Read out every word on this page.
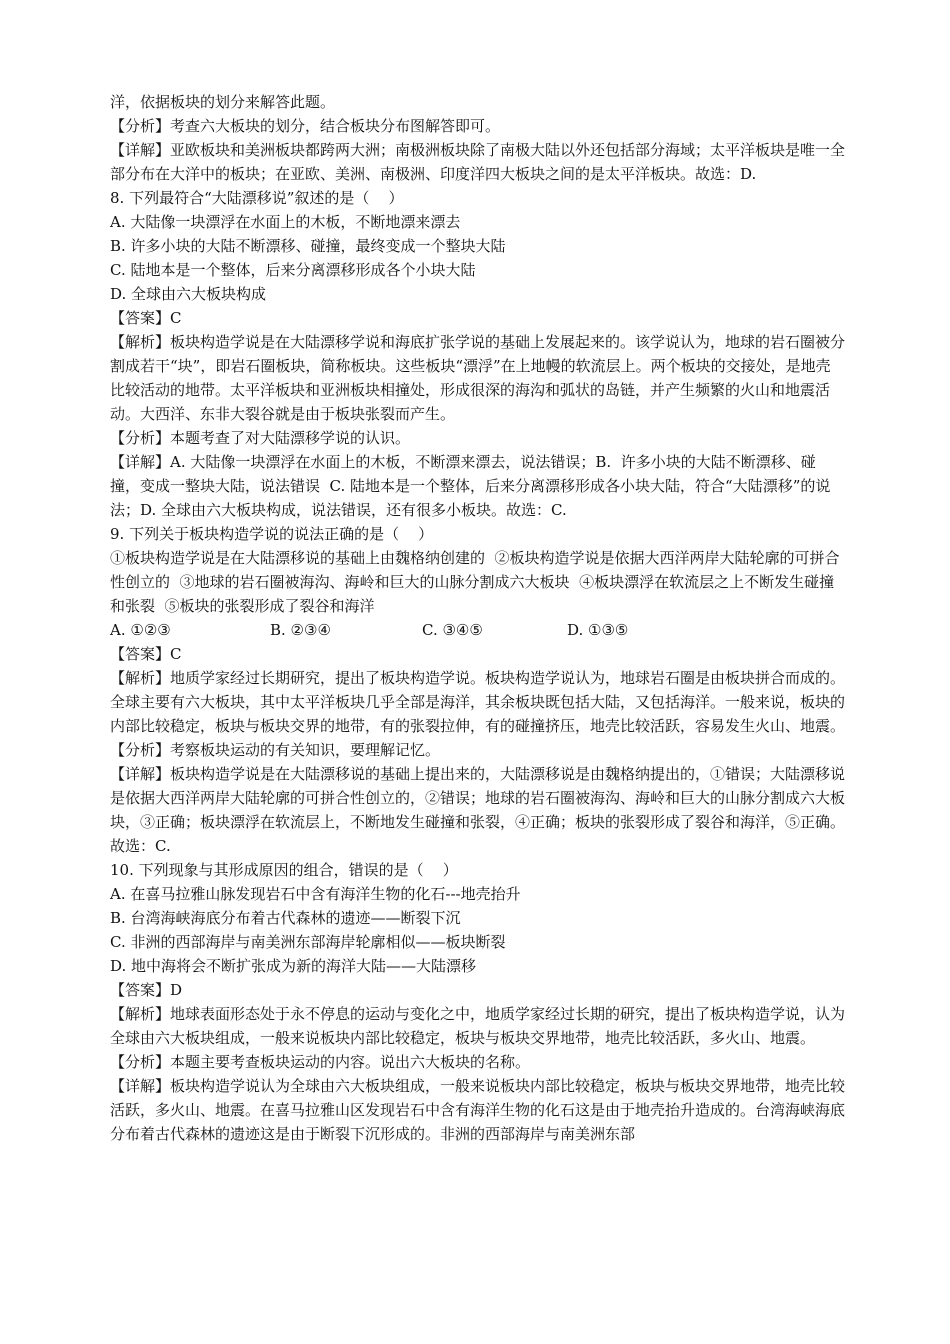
洋，依据板块的划分来解答此题。

【分析】考查六大板块的划分，结合板块分布图解答即可。

【详解】亚欧板块和美洲板块都跨两大洲；南极洲板块除了南极大陆以外还包括部分海域；太平洋板块是唯一全部分布在大洋中的板块；在亚欧、美洲、南极洲、印度洋四大板块之间的是太平洋板块。故选：D.

8. 下列最符合“大陆漂移说”叙述的是（    ）

A. 大陆像一块漂浮在水面上的木板，不断地漂来漂去

B. 许多小块的大陆不断漂移、碰撞，最终变成一个整块大陆

C. 陆地本是一个整体，后来分离漂移形成各个小块大陆

D. 全球由六大板块构成

【答案】C

【解析】板块构造学说是在大陆漂移学说和海底扩张学说的基础上发展起来的。该学说认为，地球的岩石圈被分割成若干“块”，即岩石圈板块，简称板块。这些板块“漂浮”在上地幔的软流层上。两个板块的交接处，是地壳比较活动的地带。太平洋板块和亚洲板块相撞处，形成很深的海沟和弧状的岛链，并产生频繁的火山和地震活动。大西洋、东非大裂谷就是由于板块张裂而产生。

【分析】本题考查了对大陆漂移学说的认识。

【详解】A. 大陆像一块漂浮在水面上的木板，不断漂来漂去，说法错误；B.  许多小块的大陆不断漂移、碰撞，变成一整块大陆，说法错误  C. 陆地本是一个整体，后来分离漂移形成各小块大陆，符合“大陆漂移”的说法；D. 全球由六大板块构成，说法错误，还有很多小板块。故选：C.

9. 下列关于板块构造学说的说法正确的是（    ）

①板块构造学说是在大陆漂移说的基础上由魏格纳创建的  ②板块构造学说是依据大西洋两岸大陆轮廓的可拼合性创立的  ③地球的岩石圈被海沟、海岭和巨大的山脉分割成六大板块  ④板块漂浮在软流层之上不断发生碰撞和张裂  ⑤板块的张裂形成了裂谷和海洋

A. ①②③	B. ②③④	C. ③④⑤	D. ①③⑤

【答案】C

【解析】地质学家经过长期研究，提出了板块构造学说。板块构造学说认为，地球岩石圈是由板块拼合而成的。全球主要有六大板块，其中太平洋板块几乎全部是海洋，其余板块既包括大陆，又包括海洋。一般来说，板块的内部比较稳定，板块与板块交界的地带，有的张裂拉伸，有的碰撞挤压，地壳比较活跃，容易发生火山、地震。

【分析】考察板块运动的有关知识，要理解记忆。

【详解】板块构造学说是在大陆漂移说的基础上提出来的，大陆漂移说是由魏格纳提出的，①错误；大陆漂移说是依据大西洋两岸大陆轮廓的可拼合性创立的，②错误；地球的岩石圈被海沟、海岭和巨大的山脉分割成六大板块，③正确；板块漂浮在软流层上，不断地发生碰撞和张裂，④正确；板块的张裂形成了裂谷和海洋，⑤正确。故选：C.

10. 下列现象与其形成原因的组合，错误的是（    ）

A. 在喜马拉雅山脉发现岩石中含有海洋生物的化石---地壳抬升

B. 台湾海峡海底分布着古代森林的遗迹——断裂下沉

C. 非洲的西部海岸与南美洲东部海岸轮廓相似——板块断裂

D. 地中海将会不断扩张成为新的海洋大陆——大陆漂移

【答案】D

【解析】地球表面形态处于永不停息的运动与变化之中，地质学家经过长期的研究，提出了板块构造学说，认为全球由六大板块组成，一般来说板块内部比较稳定，板块与板块交界地带，地壳比较活跃，多火山、地震。

【分析】本题主要考查板块运动的内容。说出六大板块的名称。

【详解】板块构造学说认为全球由六大板块组成，一般来说板块内部比较稳定，板块与板块交界地带，地壳比较活跃，多火山、地震。在喜马拉雅山区发现岩石中含有海洋生物的化石这是由于地壳抬升造成的。台湾海峡海底分布着古代森林的遗迹这是由于断裂下沉形成的。非洲的西部海岸与南美洲东部
